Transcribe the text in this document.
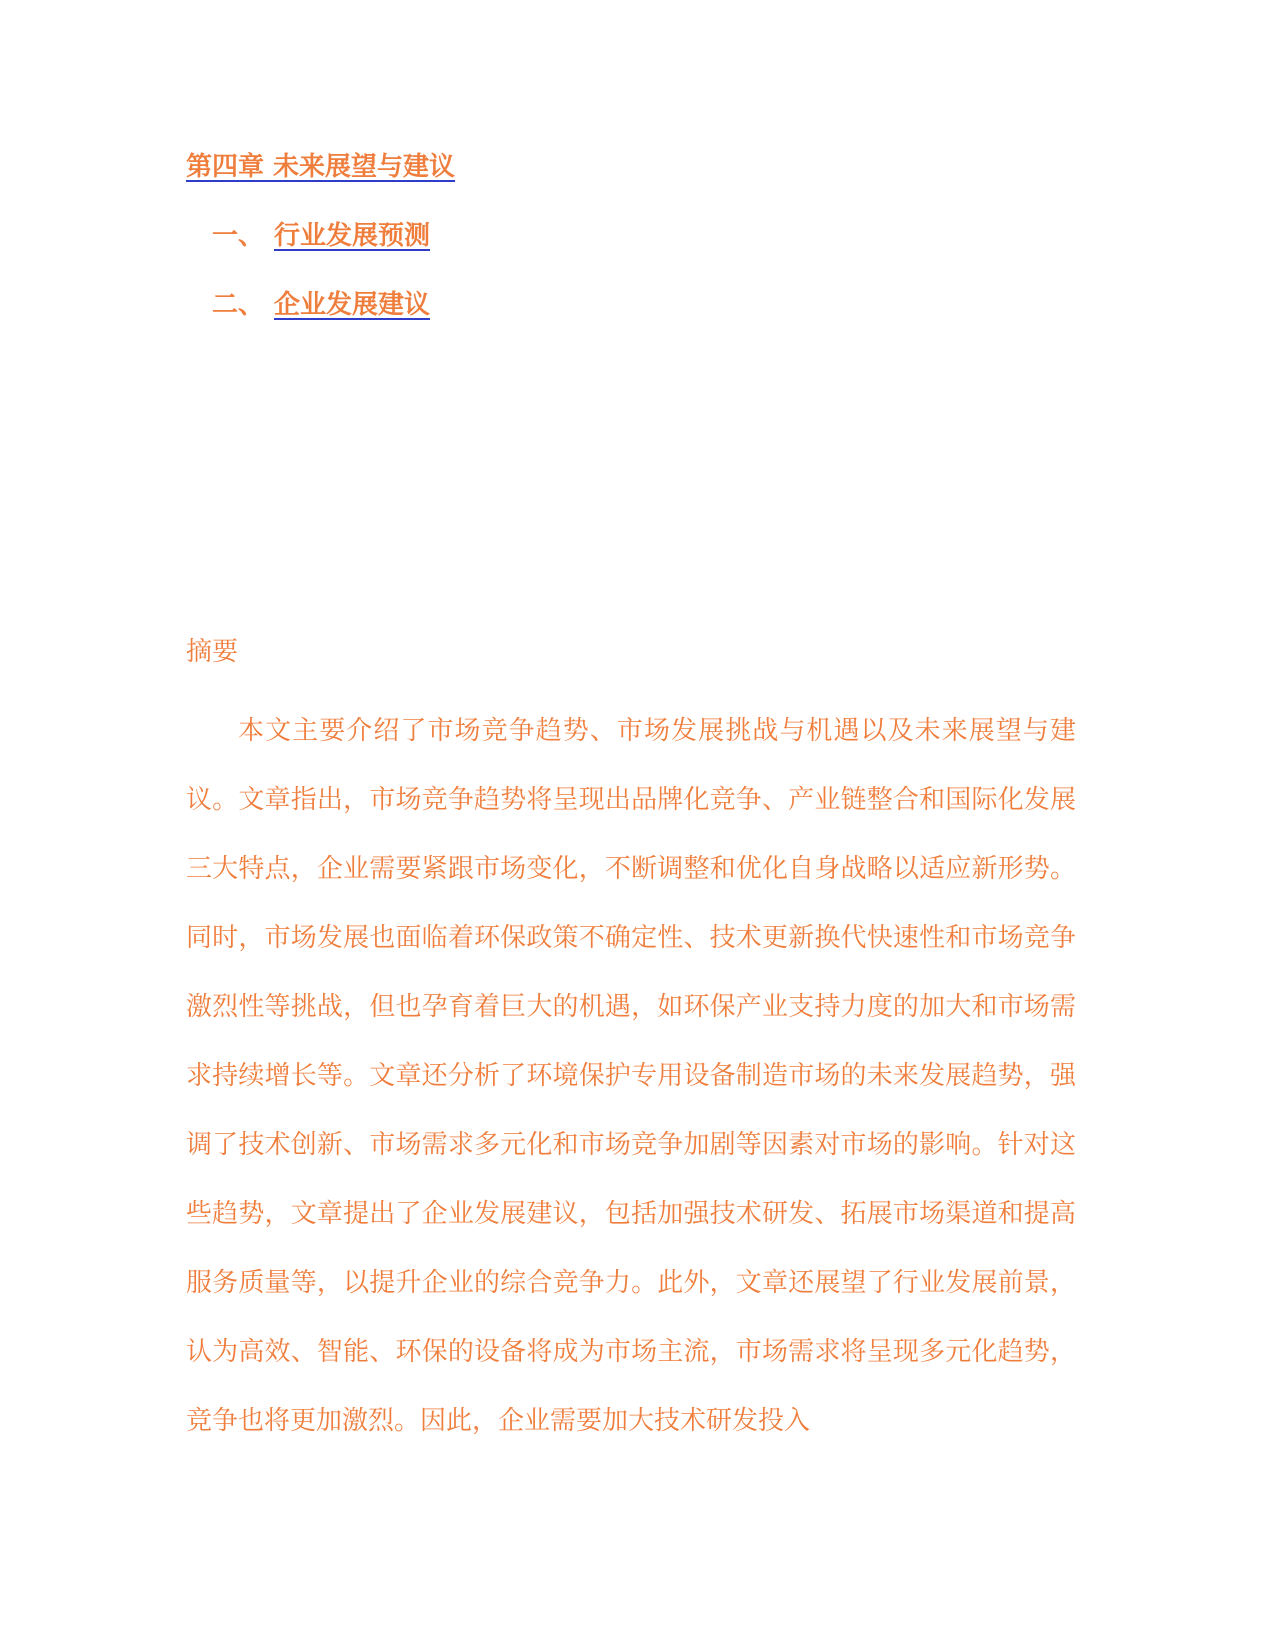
第四章 未来展望与建议
一、 行业发展预测
二、 企业发展建议
摘要

本文主要介绍了市场竞争趋势、市场发展挑战与机遇以及未来展望与建议。文章指出，市场竞争趋势将呈现出品牌化竞争、产业链整合和国际化发展三大特点，企业需要紧跟市场变化，不断调整和优化自身战略以适应新形势。同时，市场发展也面临着环保政策不确定性、技术更新换代快速性和市场竞争激烈性等挑战，但也孕育着巨大的机遇，如环保产业支持力度的加大和市场需求持续增长等。文章还分析了环境保护专用设备制造市场的未来发展趋势，强调了技术创新、市场需求多元化和市场竞争加剧等因素对市场的影响。针对这些趋势，文章提出了企业发展建议，包括加强技术研发、拓展市场渠道和提高服务质量等，以提升企业的综合竞争力。此外，文章还展望了行业发展前景，认为高效、智能、环保的设备将成为市场主流，市场需求将呈现多元化趋势，竞争也将更加激烈。因此，企业需要加大技术研发投入
